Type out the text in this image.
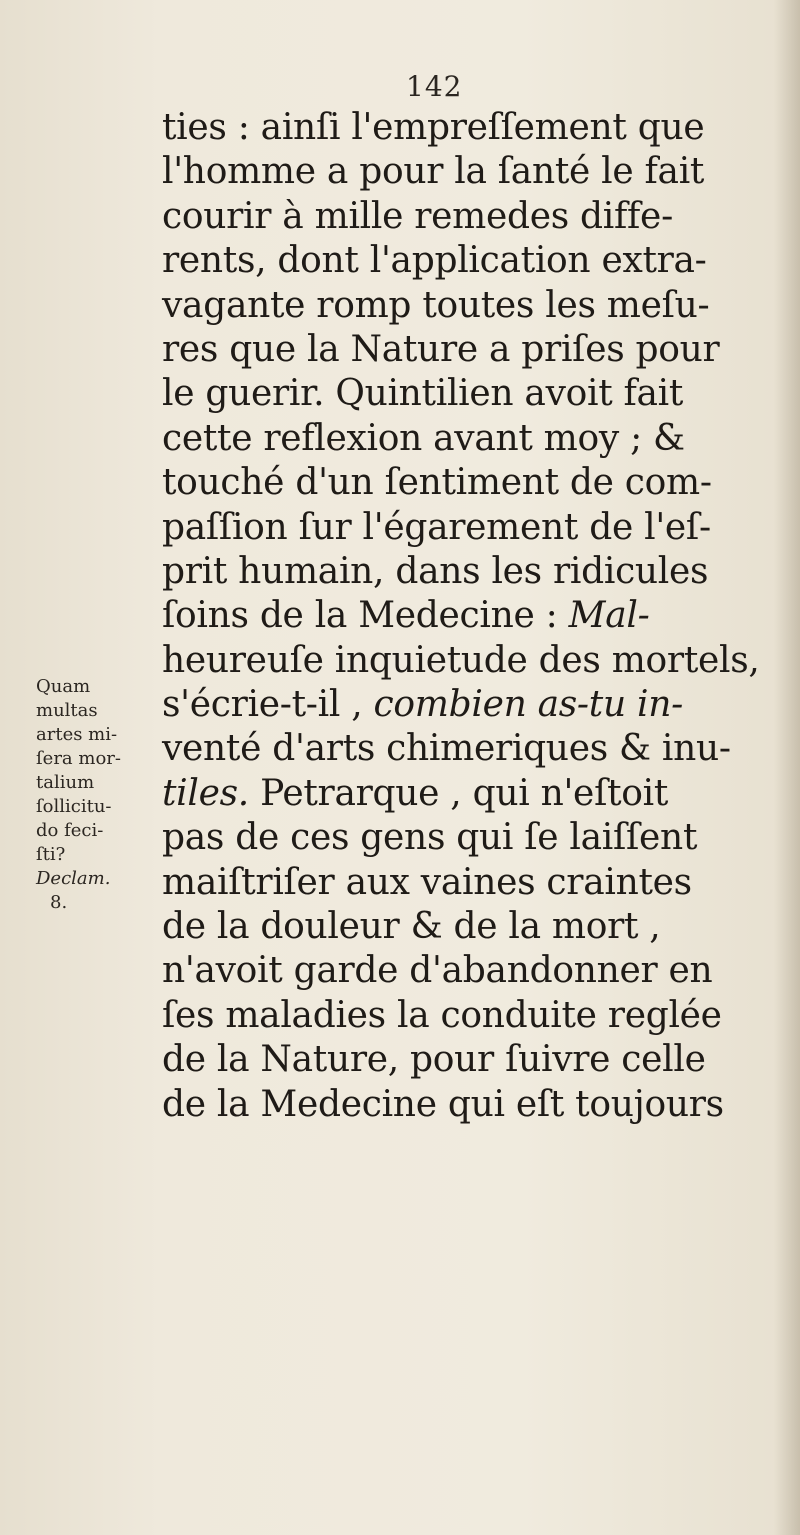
142
ties : ainſi l'empreſſement que
l'homme a pour la ſanté le fait
courir à mille remedes diffe-
rents, dont l'application extra-
vagante romp toutes les meſu-
res que la Nature a priſes pour
le guerir. Quintilien avoit fait
cette reflexion avant moy ; &
touché d'un ſentiment de com-
paſſion ſur l'égarement de l'eſ-
prit humain, dans les ridicules
ſoins de la Medecine : Mal-
heureuſe inquietude des mortels,
s'écrie-t-il , combien as-tu in-
venté d'arts chimeriques & inu-
tiles. Petrarque , qui n'eſtoit
pas de ces gens qui ſe laiſſent
maiſtriſer aux vaines craintes
de la douleur & de la mort ,
n'avoit garde d'abandonner en
ſes maladies la conduite reglée
de la Nature, pour ſuivre celle
de la Medecine qui eſt toujours
Quam
multas
artes mi-
ſera mor-
talium
ſollicitu-
do feci-
ſti?
Declam.
8.
